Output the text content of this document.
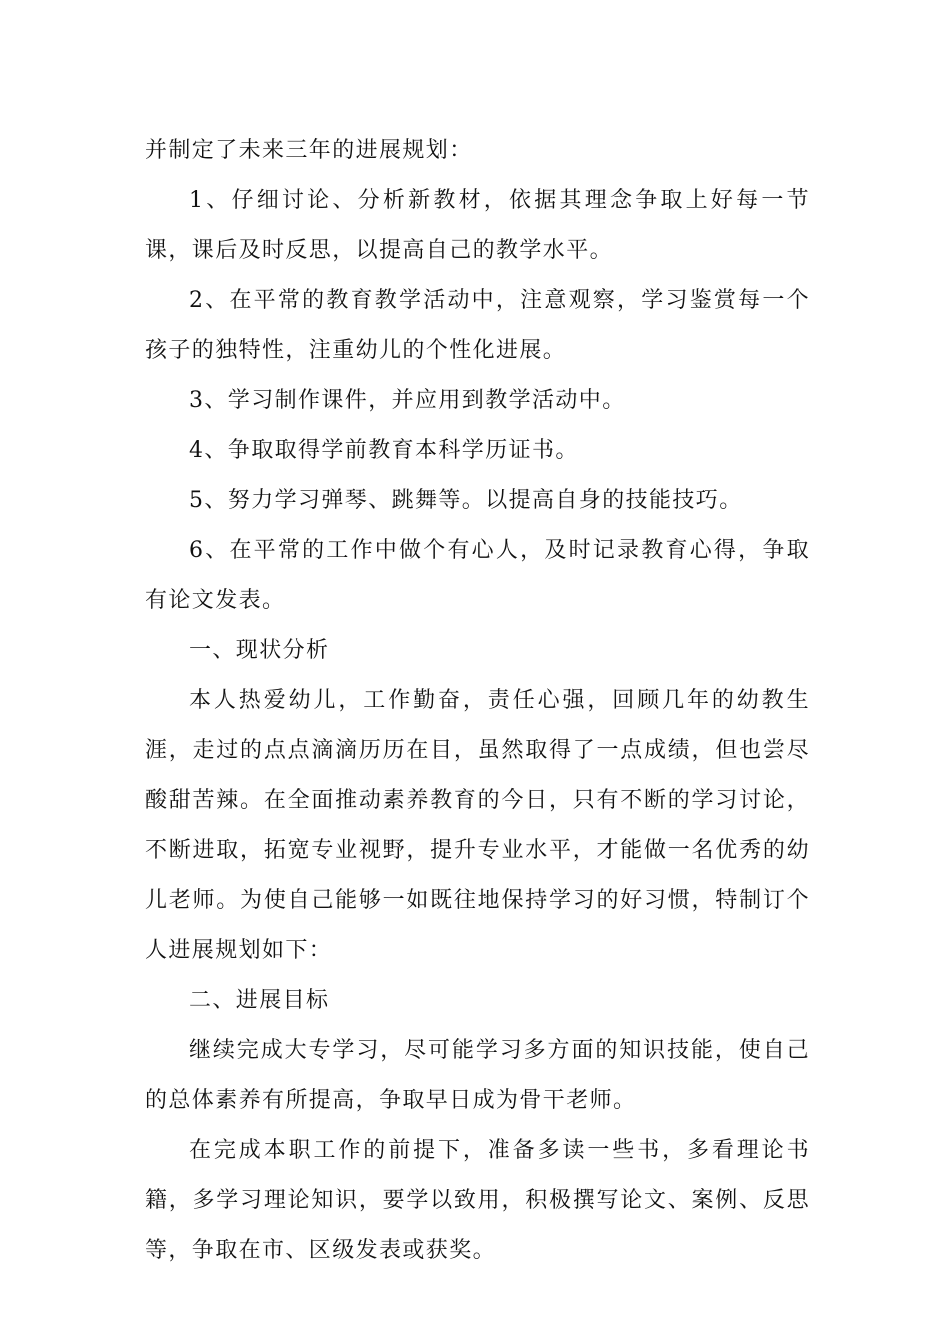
并制定了未来三年的进展规划：

1、仔细讨论、分析新教材，依据其理念争取上好每一节课，课后及时反思，以提高自己的教学水平。

2、在平常的教育教学活动中，注意观察，学习鉴赏每一个孩子的独特性，注重幼儿的个性化进展。

3、学习制作课件，并应用到教学活动中。

4、争取取得学前教育本科学历证书。

5、努力学习弹琴、跳舞等。以提高自身的技能技巧。

6、在平常的工作中做个有心人，及时记录教育心得，争取有论文发表。

一、现状分析

本人热爱幼儿，工作勤奋，责任心强，回顾几年的幼教生涯，走过的点点滴滴历历在目，虽然取得了一点成绩，但也尝尽酸甜苦辣。在全面推动素养教育的今日，只有不断的学习讨论，不断进取，拓宽专业视野，提升专业水平，才能做一名优秀的幼儿老师。为使自己能够一如既往地保持学习的好习惯，特制订个人进展规划如下：

二、进展目标

继续完成大专学习，尽可能学习多方面的知识技能，使自己的总体素养有所提高，争取早日成为骨干老师。

在完成本职工作的前提下，准备多读一些书，多看理论书籍，多学习理论知识，要学以致用，积极撰写论文、案例、反思等，争取在市、区级发表或获奖。
